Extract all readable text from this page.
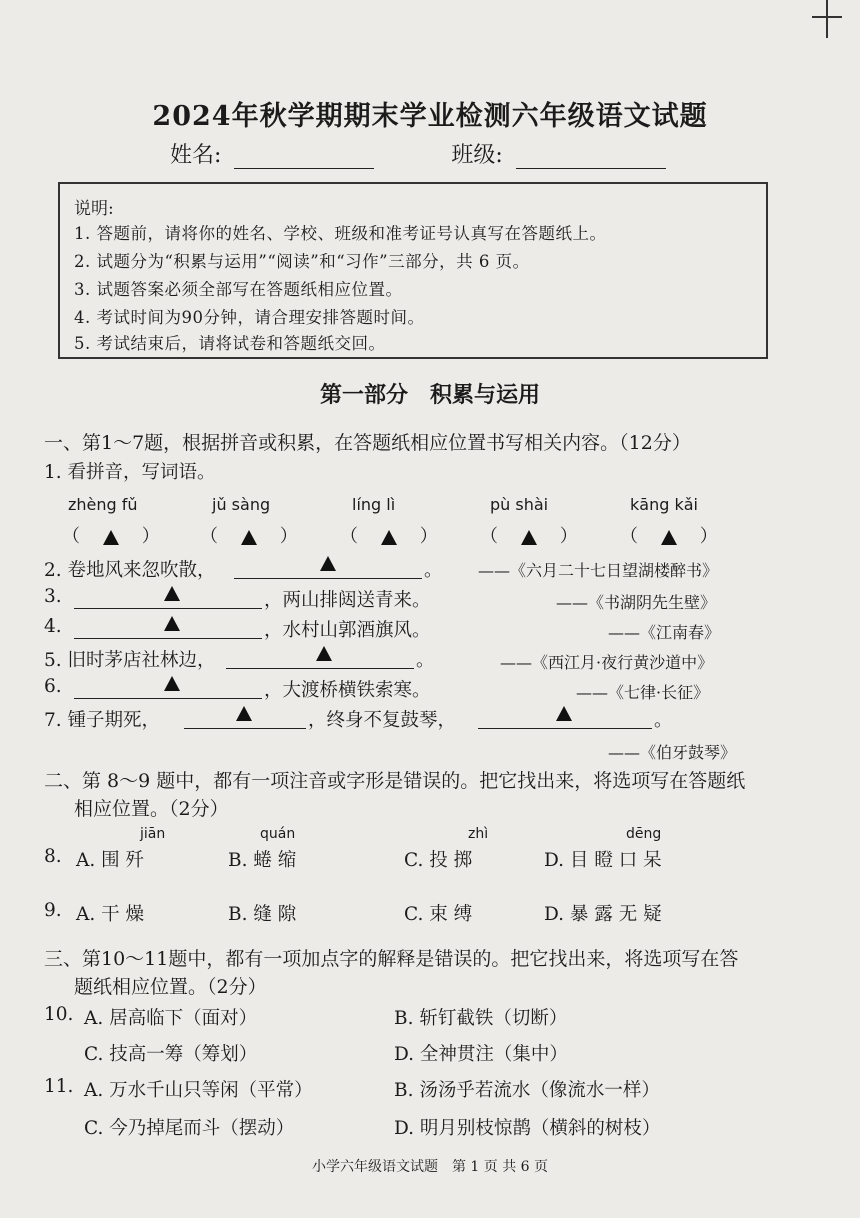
2024年秋学期期末学业检测六年级语文试题
姓名:	班级:
说明:
1. 答题前，请将你的姓名、学校、班级和准考证号认真写在答题纸上。
2. 试题分为“积累与运用”“阅读”和“习作”三部分，共 6 页。
3. 试题答案必须全部写在答题纸相应位置。
4. 考试时间为90分钟，请合理安排答题时间。
5. 考试结束后，请将试卷和答题纸交回。
第一部分　积累与运用
一、第1～7题，根据拼音或积累，在答题纸相应位置书写相关内容。（12分）
1. 看拼音，写词语。
zhèng fǔ	jǔ sàng	líng lì	pù shài	kāng kǎi
（        ） （        ） （        ） （        ） （        ）
2. 卷地风来忽吹散，	。 ——《六月二十七日望湖楼醉书》
3.	，两山排闼送青来。	——《书湖阴先生壁》
4.	，水村山郭酒旗风。	——《江南春》
5. 旧时茅店社林边，	。	——《西江月·夜行黄沙道中》
6.	，大渡桥横铁索寒。	——《七律·长征》
7. 锺子期死，	，终身不复鼓琴，	。
——《伯牙鼓琴》
二、第 8～9 题中，都有一项注音或字形是错误的。把它找出来，将选项写在答题纸
相应位置。（2分）
jiān	quán	zhì	dēng
8. A. 围 歼	B. 蜷 缩	C. 投 掷	D. 目 瞪 口 呆
9. A. 干 燥	B. 缝 隙	C. 束 缚	D. 暴 露 无 疑
三、第10～11题中，都有一项加点字的解释是错误的。把它找出来，将选项写在答
题纸相应位置。（2分）
10. A. 居高临下（面对）	B. 斩钉截铁（切断）
C. 技高一筹（筹划）	D. 全神贯注（集中）
11. A. 万水千山只等闲（平常）	B. 汤汤乎若流水（像流水一样）
C. 今乃掉尾而斗（摆动）	D. 明月别枝惊鹊（横斜的树枝）
小学六年级语文试题　第 1 页 共 6 页
